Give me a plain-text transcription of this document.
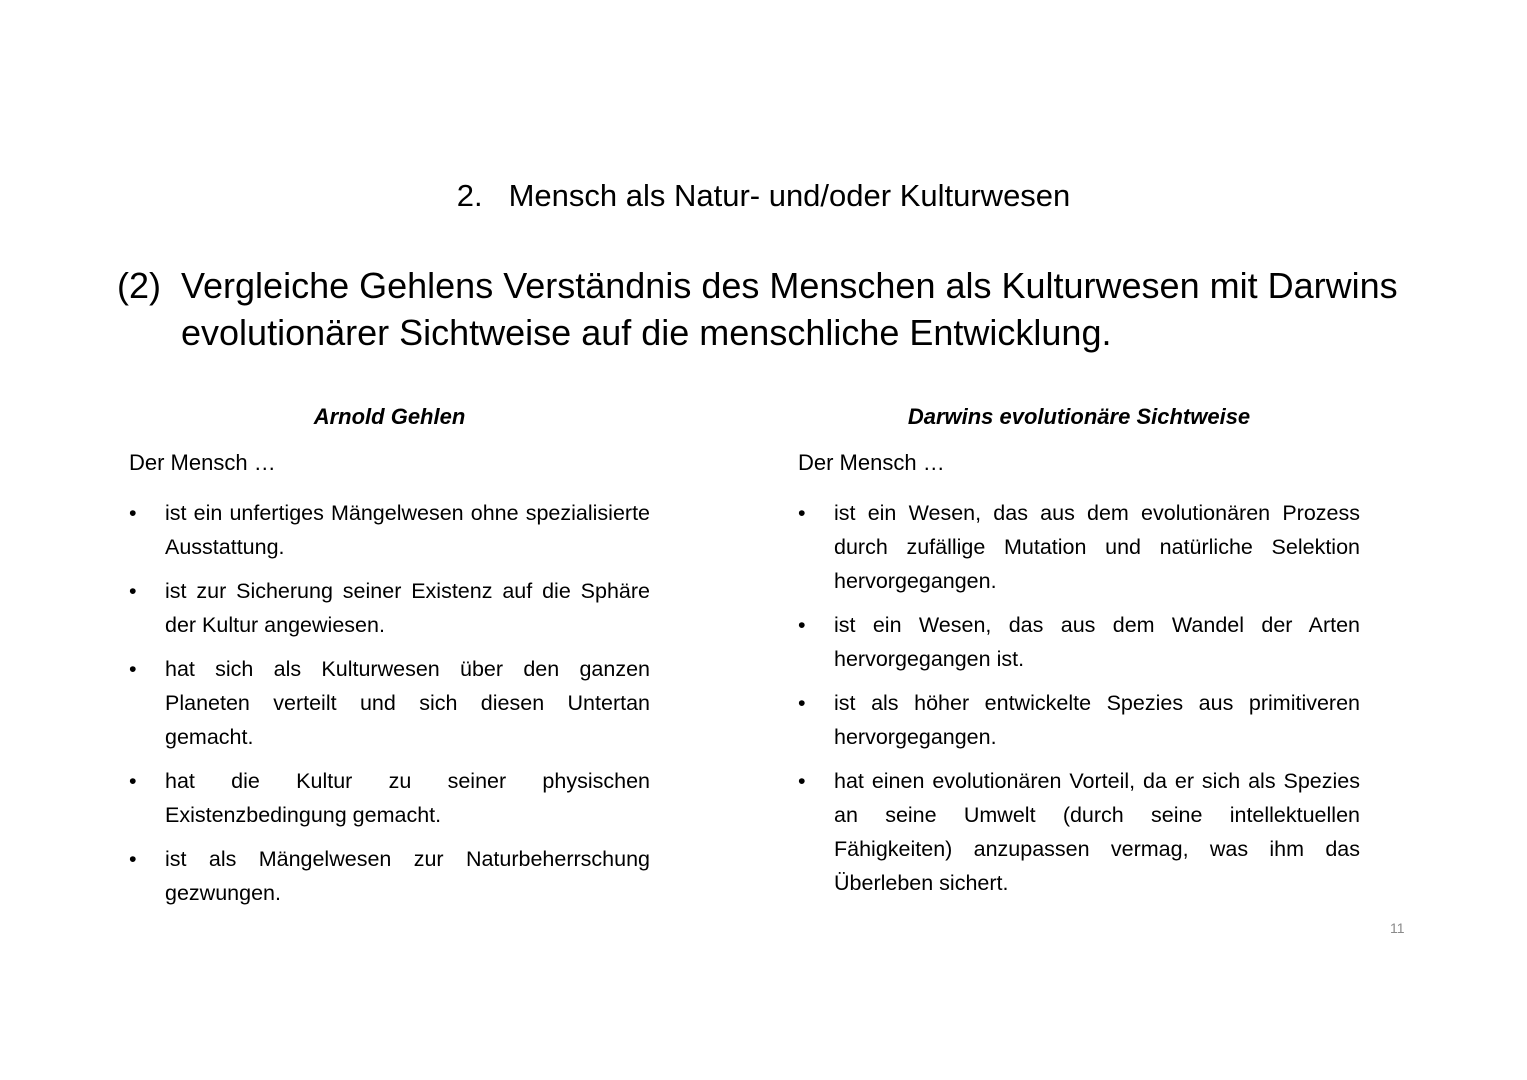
2. Mensch als Natur- und/oder Kulturwesen
(2) Vergleiche Gehlens Verständnis des Menschen als Kulturwesen mit Darwins evolutionärer Sichtweise auf die menschliche Entwicklung.
Arnold Gehlen
Der Mensch …
•	ist ein unfertiges Mängelwesen ohne spezialisierte Ausstattung.
•	ist zur Sicherung seiner Existenz auf die Sphäre der Kultur angewiesen.
•	hat sich als Kulturwesen über den ganzen Planeten verteilt und sich diesen Untertan gemacht.
•	hat die Kultur zu seiner physischen Existenzbedingung gemacht.
•	ist als Mängelwesen zur Naturbeherrschung gezwungen.
Darwins evolutionäre Sichtweise
Der Mensch …
•	ist ein Wesen, das aus dem evolutionären Prozess durch zufällige Mutation und natürliche Selektion hervorgegangen.
•	ist ein Wesen, das aus dem Wandel der Arten hervorgegangen ist.
•	ist als höher entwickelte Spezies aus primitiveren hervorgegangen.
•	hat einen evolutionären Vorteil, da er sich als Spezies an seine Umwelt (durch seine intellektuellen Fähigkeiten) anzupassen vermag, was ihm das Überleben sichert.
11
